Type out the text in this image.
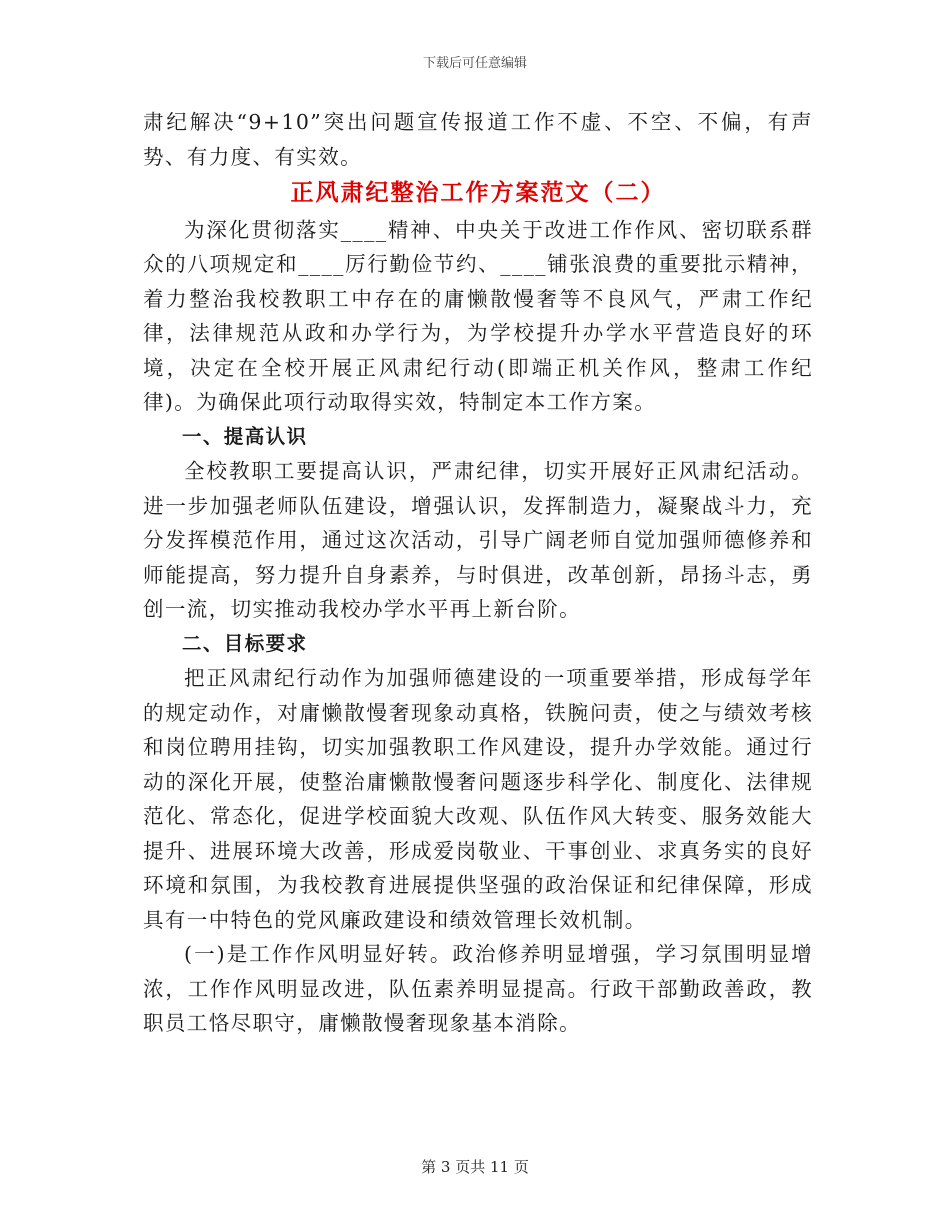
下载后可任意编辑

肃纪解决“9+10”突出问题宣传报道工作不虚、不空、不偏，有声势、有力度、有实效。

正风肃纪整治工作方案范文（二）

为深化贯彻落实____精神、中央关于改进工作作风、密切联系群众的八项规定和____厉行勤俭节约、____铺张浪费的重要批示精神，着力整治我校教职工中存在的庸懒散慢奢等不良风气，严肃工作纪律，法律规范从政和办学行为，为学校提升办学水平营造良好的环境，决定在全校开展正风肃纪行动(即端正机关作风，整肃工作纪律)。为确保此项行动取得实效，特制定本工作方案。

一、提高认识

全校教职工要提高认识，严肃纪律，切实开展好正风肃纪活动。进一步加强老师队伍建设，增强认识，发挥制造力，凝聚战斗力，充分发挥模范作用，通过这次活动，引导广阔老师自觉加强师德修养和师能提高，努力提升自身素养，与时俱进，改革创新，昂扬斗志，勇创一流，切实推动我校办学水平再上新台阶。

二、目标要求

把正风肃纪行动作为加强师德建设的一项重要举措，形成每学年的规定动作，对庸懒散慢奢现象动真格，铁腕问责，使之与绩效考核和岗位聘用挂钩，切实加强教职工作风建设，提升办学效能。通过行动的深化开展，使整治庸懒散慢奢问题逐步科学化、制度化、法律规范化、常态化，促进学校面貌大改观、队伍作风大转变、服务效能大提升、进展环境大改善，形成爱岗敬业、干事创业、求真务实的良好环境和氛围，为我校教育进展提供坚强的政治保证和纪律保障，形成具有一中特色的党风廉政建设和绩效管理长效机制。

(一)是工作作风明显好转。政治修养明显增强，学习氛围明显增浓，工作作风明显改进，队伍素养明显提高。行政干部勤政善政，教职员工恪尽职守，庸懒散慢奢现象基本消除。

第 3 页共 11 页
